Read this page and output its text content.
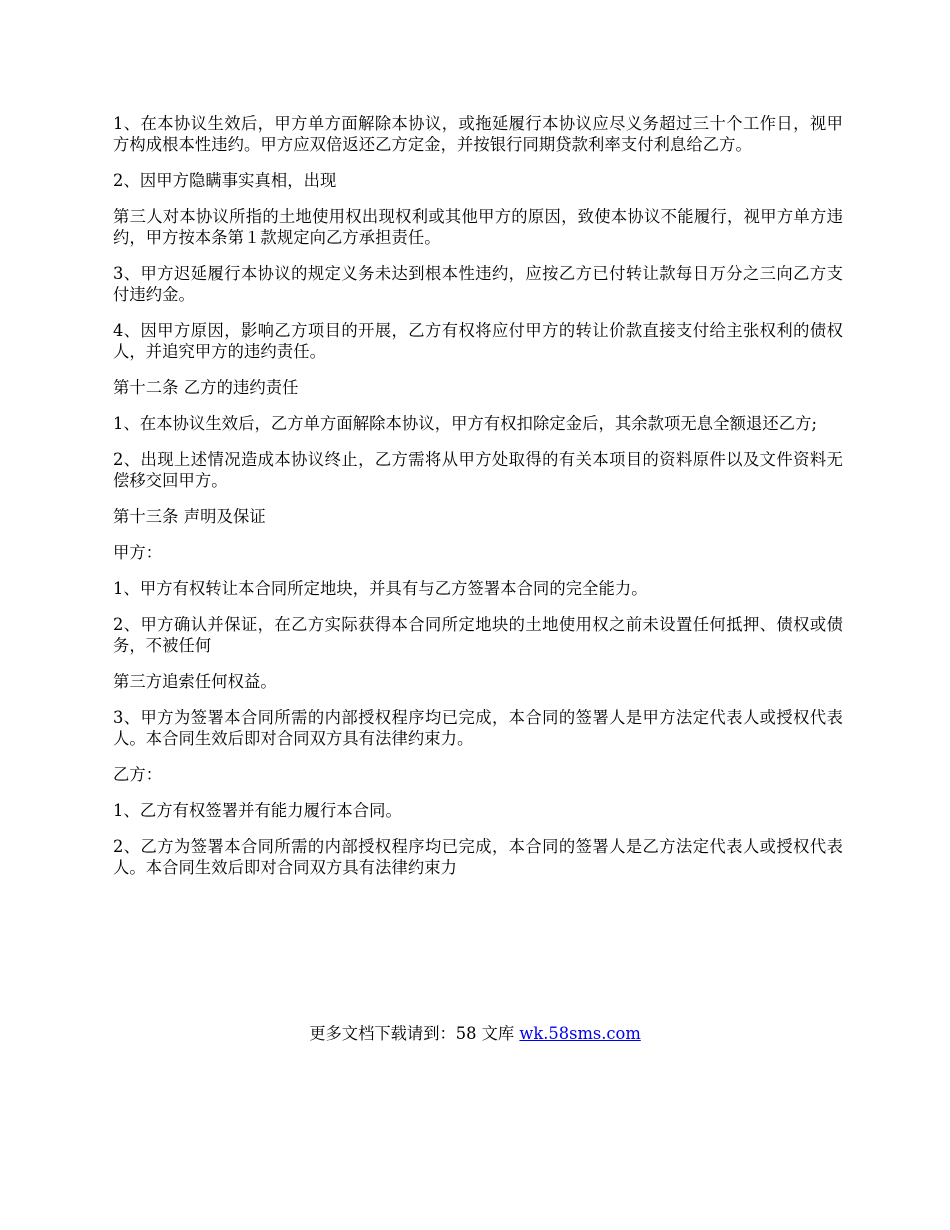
1、在本协议生效后，甲方单方面解除本协议，或拖延履行本协议应尽义务超过三十个工作日，视甲方构成根本性违约。甲方应双倍返还乙方定金，并按银行同期贷款利率支付利息给乙方。

2、因甲方隐瞒事实真相，出现

第三人对本协议所指的土地使用权出现权利或其他甲方的原因，致使本协议不能履行，视甲方单方违约，甲方按本条第１款规定向乙方承担责任。

3、甲方迟延履行本协议的规定义务未达到根本性违约，应按乙方已付转让款每日万分之三向乙方支付违约金。

4、因甲方原因，影响乙方项目的开展，乙方有权将应付甲方的转让价款直接支付给主张权利的债权人，并追究甲方的违约责任。

第十二条 乙方的违约责任

1、在本协议生效后，乙方单方面解除本协议，甲方有权扣除定金后，其余款项无息全额退还乙方;

2、出现上述情况造成本协议终止，乙方需将从甲方处取得的有关本项目的资料原件以及文件资料无偿移交回甲方。

第十三条 声明及保证

甲方：

1、甲方有权转让本合同所定地块，并具有与乙方签署本合同的完全能力。

2、甲方确认并保证，在乙方实际获得本合同所定地块的土地使用权之前未设置任何抵押、债权或债务，不被任何

第三方追索任何权益。

3、甲方为签署本合同所需的内部授权程序均已完成，本合同的签署人是甲方法定代表人或授权代表人。本合同生效后即对合同双方具有法律约束力。

乙方：

1、乙方有权签署并有能力履行本合同。

2、乙方为签署本合同所需的内部授权程序均已完成，本合同的签署人是乙方法定代表人或授权代表人。本合同生效后即对合同双方具有法律约束力

更多文档下载请到：58 文库 wk.58sms.com
